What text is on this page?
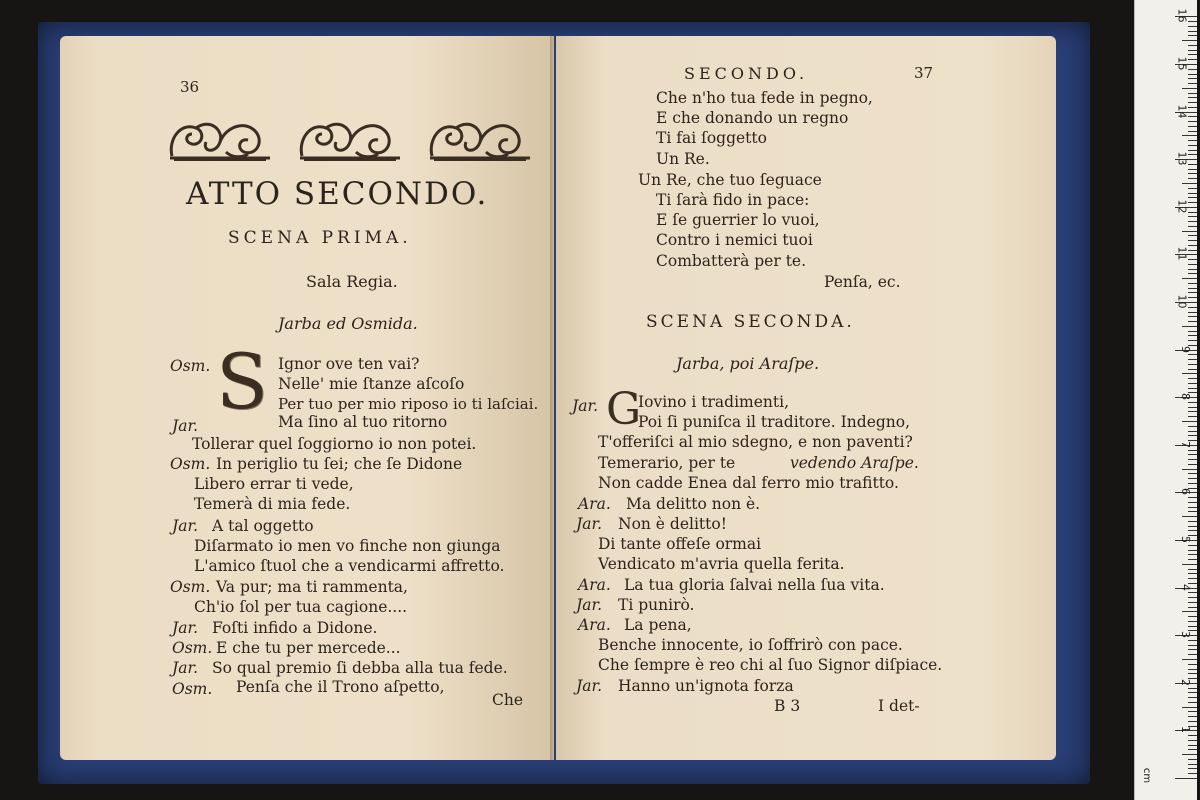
36
ATTO SECONDO.
SCENA PRIMA.
Sala Regia.
Jarba ed Osmida.
S
Osm.	Ignor ove ten vai?
Nelle' mie ſtanze aſcoſo
Per tuo per mio riposo io ti laſciai.
Jar.	Ma ſino al tuo ritorno
Tollerar quel ſoggiorno io non potei.
Osm. In periglio tu ſei; che ſe Didone
Libero errar ti vede,
Temerà di mia fede.
Jar. A tal oggetto
Diſarmato io men vo finche non giunga
L'amico ſtuol che a vendicarmi affretto.
Osm. Va pur; ma ti rammenta,
Ch'io ſol per tua cagione....
Jar. Foſti infido a Didone.
Osm. E che tu per mercede...
Jar. So qual premio ſi debba alla tua fede.
Osm. Penſa che il Trono aſpetto,
Che
SECONDO.	37
Che n'ho tua fede in pegno,
E che donando un regno
Ti fai ſoggetto
Un Re.
Un Re, che tuo ſeguace
Ti ſarà fido in pace:
E ſe guerrier lo vuoi,
Contro i nemici tuoi
Combatterà per te.
Penſa, ec.
SCENA SECONDA.
Jarba, poi Araſpe.
G
Jar.	Iovino i tradimenti,
Poi ſi puniſca il traditore. Indegno,
T'offeriſci al mio sdegno, e non paventi?
Temerario, per te	vedendo Araſpe.
Non cadde Enea dal ferro mio trafitto.
Ara. Ma delitto non è.
Jar. Non è delitto!
Di tante offeſe ormai
Vendicato m'avria quella ferita.
Ara. La tua gloria ſalvai nella ſua vita.
Jar. Ti punirò.
Ara. La pena,
Benche innocente, io ſoffrirò con pace.
Che ſempre è reo chi al ſuo Signor diſpiace.
Jar. Hanno un'ignota forza
B 3	I det-
cm
1
2
3
4
5
6
7
8
9
10
11
12
13
14
15
16
